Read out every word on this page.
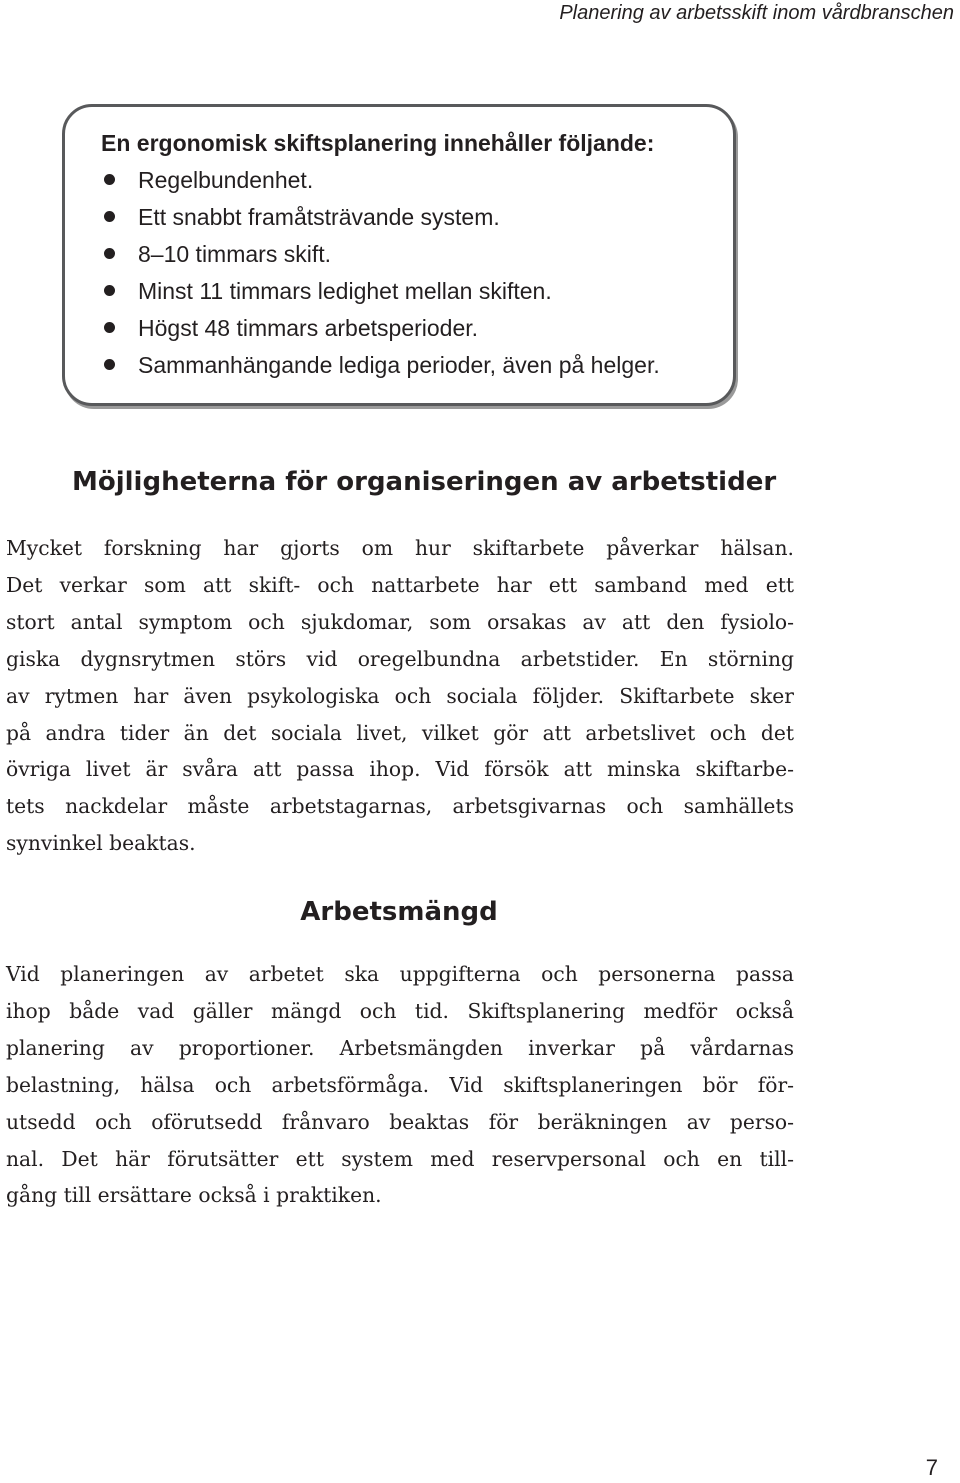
Planering av arbetsskift inom vårdbranschen
En ergonomisk skiftsplanering innehåller följande:
Regelbundenhet.
Ett snabbt framåtsträvande system.
8–10 timmars skift.
Minst 11 timmars ledighet mellan skiften.
Högst 48 timmars arbetsperioder.
Sammanhängande lediga perioder, även på helger.
Möjligheterna för organiseringen av arbetstider

Mycket forskning har gjorts om hur skiftarbete påverkar hälsan.
Det verkar som att skift- och nattarbete har ett samband med ett
stort antal symptom och sjukdomar, som orsakas av att den fysiolo-
giska dygnsrytmen störs vid oregelbundna arbetstider. En störning
av rytmen har även psykologiska och sociala följder. Skiftarbete sker
på andra tider än det sociala livet, vilket gör att arbetslivet och det
övriga livet är svåra att passa ihop. Vid försök att minska skiftarbe-
tets nackdelar måste arbetstagarnas, arbetsgivarnas och samhällets
synvinkel beaktas.

Arbetsmängd

Vid planeringen av arbetet ska uppgifterna och personerna passa
ihop både vad gäller mängd och tid. Skiftsplanering medför också
planering av proportioner. Arbetsmängden inverkar på vårdarnas
belastning, hälsa och arbetsförmåga. Vid skiftsplaneringen bör för-
utsedd och oförutsedd frånvaro beaktas för beräkningen av perso-
nal. Det här förutsätter ett system med reservpersonal och en till-
gång till ersättare också i praktiken.

7
